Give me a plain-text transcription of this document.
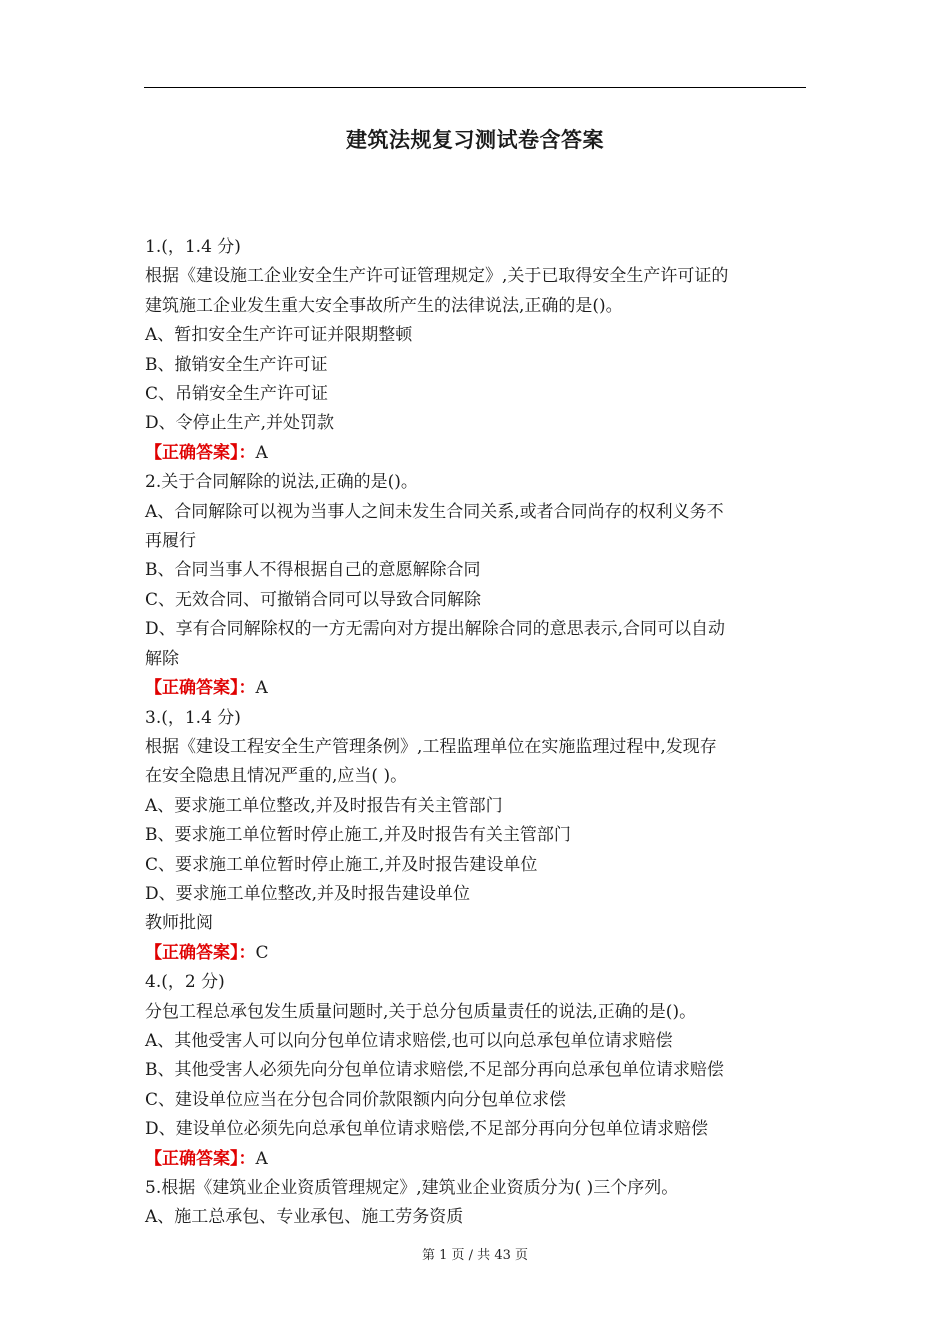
建筑法规复习测试卷含答案
1.(，1.4 分)
根据《建设施工企业安全生产许可证管理规定》,关于已取得安全生产许可证的
建筑施工企业发生重大安全事故所产生的法律说法,正确的是()。
A、暂扣安全生产许可证并限期整顿
B、撤销安全生产许可证
C、吊销安全生产许可证
D、令停止生产,并处罚款
【正确答案】：A
2.关于合同解除的说法,正确的是()。
A、合同解除可以视为当事人之间未发生合同关系,或者合同尚存的权利义务不
再履行
B、合同当事人不得根据自己的意愿解除合同
C、无效合同、可撤销合同可以导致合同解除
D、享有合同解除权的一方无需向对方提出解除合同的意思表示,合同可以自动
解除
【正确答案】：A
3.(，1.4 分)
根据《建设工程安全生产管理条例》,工程监理单位在实施监理过程中,发现存
在安全隐患且情况严重的,应当( )。
A、要求施工单位整改,并及时报告有关主管部门
B、要求施工单位暂时停止施工,并及时报告有关主管部门
C、要求施工单位暂时停止施工,并及时报告建设单位
D、要求施工单位整改,并及时报告建设单位
教师批阅
【正确答案】：C
4.(，2 分)
分包工程总承包发生质量问题时,关于总分包质量责任的说法,正确的是()。
A、其他受害人可以向分包单位请求赔偿,也可以向总承包单位请求赔偿
B、其他受害人必须先向分包单位请求赔偿,不足部分再向总承包单位请求赔偿
C、建设单位应当在分包合同价款限额内向分包单位求偿
D、建设单位必须先向总承包单位请求赔偿,不足部分再向分包单位请求赔偿
【正确答案】：A
5.根据《建筑业企业资质管理规定》,建筑业企业资质分为( )三个序列。
A、施工总承包、专业承包、施工劳务资质
第 1 页 / 共 43 页
